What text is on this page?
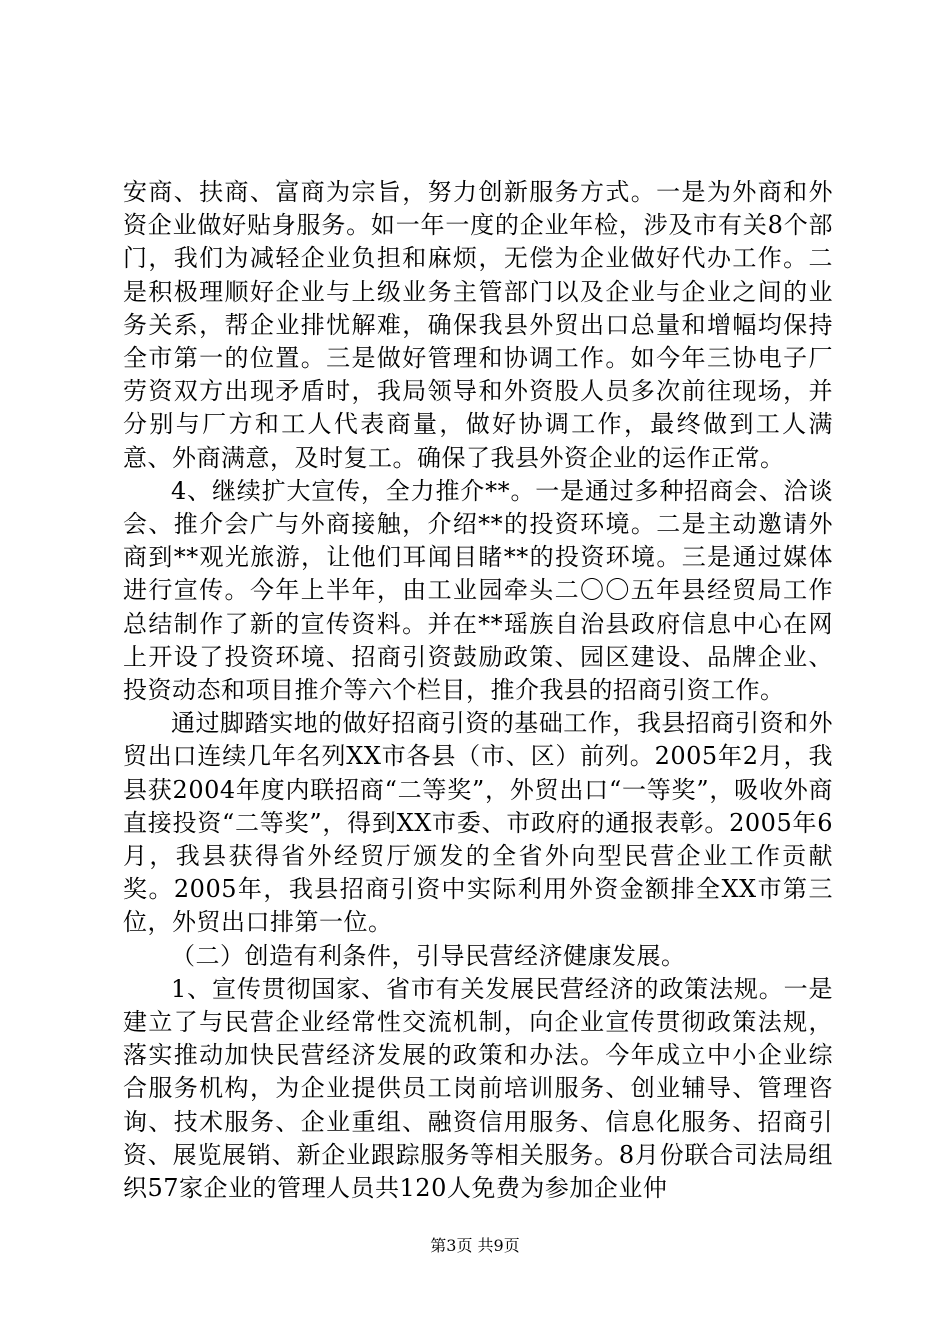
安商、扶商、富商为宗旨，努力创新服务方式。一是为外商和外资企业做好贴身服务。如一年一度的企业年检，涉及市有关8个部门，我们为减轻企业负担和麻烦，无偿为企业做好代办工作。二是积极理顺好企业与上级业务主管部门以及企业与企业之间的业务关系，帮企业排忧解难，确保我县外贸出口总量和增幅均保持全市第一的位置。三是做好管理和协调工作。如今年三协电子厂劳资双方出现矛盾时，我局领导和外资股人员多次前往现场，并分别与厂方和工人代表商量，做好协调工作，最终做到工人满意、外商满意，及时复工。确保了我县外资企业的运作正常。

4、继续扩大宣传，全力推介**。一是通过多种招商会、洽谈会、推介会广与外商接触，介绍**的投资环境。二是主动邀请外商到**观光旅游，让他们耳闻目睹**的投资环境。三是通过媒体进行宣传。今年上半年，由工业园牵头二〇〇五年县经贸局工作总结制作了新的宣传资料。并在**瑶族自治县政府信息中心在网上开设了投资环境、招商引资鼓励政策、园区建设、品牌企业、投资动态和项目推介等六个栏目，推介我县的招商引资工作。

通过脚踏实地的做好招商引资的基础工作，我县招商引资和外贸出口连续几年名列XX市各县（市、区）前列。2005年2月，我县获2004年度内联招商“二等奖”，外贸出口“一等奖”，吸收外商直接投资“二等奖”，得到XX市委、市政府的通报表彰。2005年6月，我县获得省外经贸厅颁发的全省外向型民营企业工作贡献奖。2005年，我县招商引资中实际利用外资金额排全XX市第三位，外贸出口排第一位。

（二）创造有利条件，引导民营经济健康发展。

1、宣传贯彻国家、省市有关发展民营经济的政策法规。一是建立了与民营企业经常性交流机制，向企业宣传贯彻政策法规，落实推动加快民营经济发展的政策和办法。今年成立中小企业综合服务机构，为企业提供员工岗前培训服务、创业辅导、管理咨询、技术服务、企业重组、融资信用服务、信息化服务、招商引资、展览展销、新企业跟踪服务等相关服务。8月份联合司法局组织57家企业的管理人员共120人免费为参加企业仲

第3页 共9页
